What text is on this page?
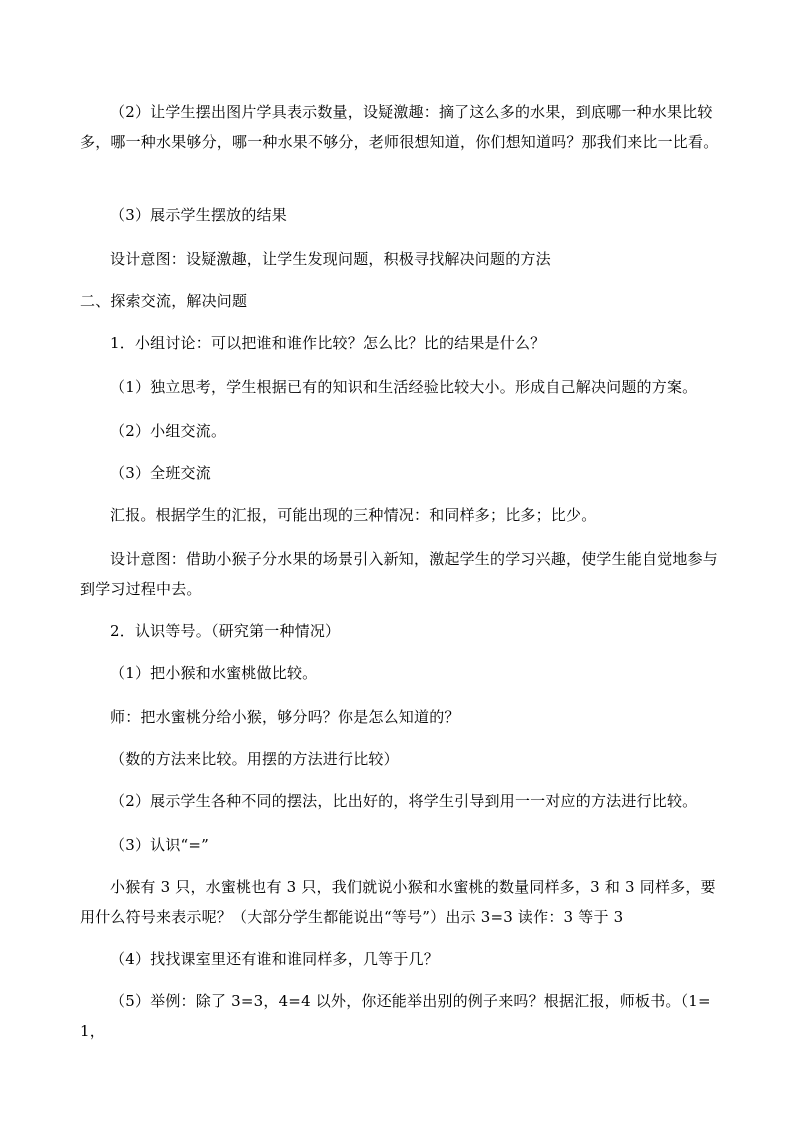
（2）让学生摆出图片学具表示数量，设疑激趣：摘了这么多的水果，到底哪一种水果比较多，哪一种水果够分，哪一种水果不够分，老师很想知道，你们想知道吗？那我们来比一比看。

（3）展示学生摆放的结果

设计意图：设疑激趣，让学生发现问题，积极寻找解决问题的方法

二、探索交流，解决问题

1．小组讨论：可以把谁和谁作比较？怎么比？比的结果是什么？

（1）独立思考，学生根据已有的知识和生活经验比较大小。形成自己解决问题的方案。

（2）小组交流。

（3）全班交流

汇报。根据学生的汇报，可能出现的三种情况：和同样多；比多；比少。

设计意图：借助小猴子分水果的场景引入新知，激起学生的学习兴趣，使学生能自觉地参与到学习过程中去。

2．认识等号。（研究第一种情况）

（1）把小猴和水蜜桃做比较。

师：把水蜜桃分给小猴，够分吗？你是怎么知道的？

（数的方法来比较。用摆的方法进行比较）

（2）展示学生各种不同的摆法，比出好的，将学生引导到用一一对应的方法进行比较。

（3）认识“=”

小猴有 3 只，水蜜桃也有 3 只，我们就说小猴和水蜜桃的数量同样多，3 和 3 同样多，要用什么符号来表示呢？（大部分学生都能说出“等号”）出示 3=3 读作：3 等于 3

（4）找找课室里还有谁和谁同样多，几等于几？

（5）举例：除了 3=3，4=4 以外，你还能举出别的例子来吗？根据汇报，师板书。（1=1，
